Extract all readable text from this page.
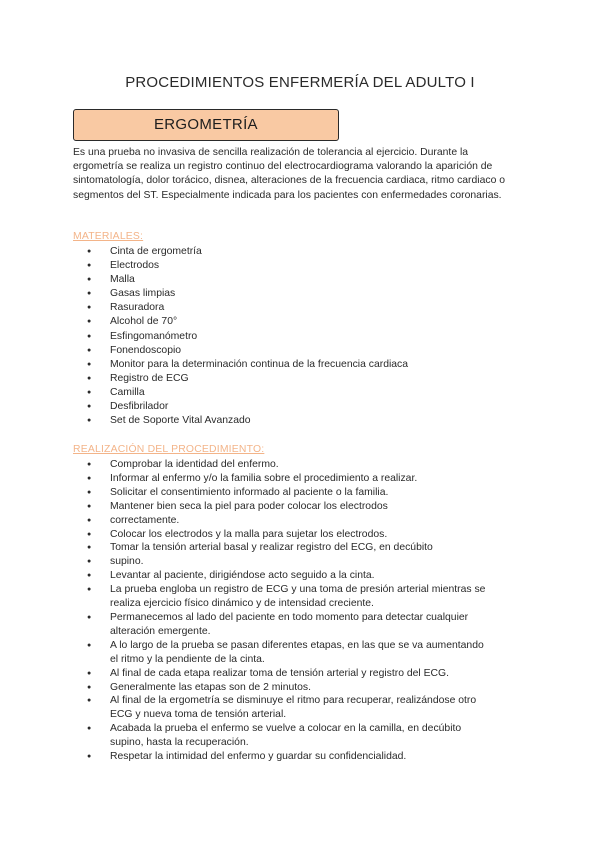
PROCEDIMIENTOS ENFERMERÍA DEL ADULTO I
ERGOMETRÍA
Es una prueba no invasiva de sencilla realización de tolerancia al ejercicio. Durante la ergometría se realiza un registro continuo del electrocardiograma valorando la aparición de sintomatología, dolor torácico, disnea, alteraciones de la frecuencia cardiaca, ritmo cardiaco o segmentos del ST. Especialmente indicada para los pacientes con enfermedades coronarias.
MATERIALES:
● Cinta de ergometría
● Electrodos
● Malla
● Gasas limpias
● Rasuradora
● Alcohol de 70°
● Esfingomanómetro
● Fonendoscopio
● Monitor para la determinación continua de la frecuencia cardiaca
● Registro de ECG
● Camilla
● Desfibrilador
● Set de Soporte Vital Avanzado
REALIZACIÓN DEL PROCEDIMIENTO:
● Comprobar la identidad del enfermo.
● Informar al enfermo y/o la familia sobre el procedimiento a realizar.
● Solicitar el consentimiento informado al paciente o la familia.
● Mantener bien seca la piel para poder colocar los electrodos
● correctamente.
● Colocar los electrodos y la malla para sujetar los electrodos.
● Tomar la tensión arterial basal y realizar registro del ECG, en decúbito
● supino.
● Levantar al paciente, dirigiéndose acto seguido a la cinta.
● La prueba engloba un registro de ECG y una toma de presión arterial mientras se realiza ejercicio físico dinámico y de intensidad creciente.
● Permanecemos al lado del paciente en todo momento para detectar cualquier alteración emergente.
● A lo largo de la prueba se pasan diferentes etapas, en las que se va aumentando el ritmo y la pendiente de la cinta.
● Al final de cada etapa realizar toma de tensión arterial y registro del ECG.
● Generalmente las etapas son de 2 minutos.
● Al final de la ergometría se disminuye el ritmo para recuperar, realizándose otro ECG y nueva toma de tensión arterial.
● Acabada la prueba el enfermo se vuelve a colocar en la camilla, en decúbito supino, hasta la recuperación.
● Respetar la intimidad del enfermo y guardar su confidencialidad.
